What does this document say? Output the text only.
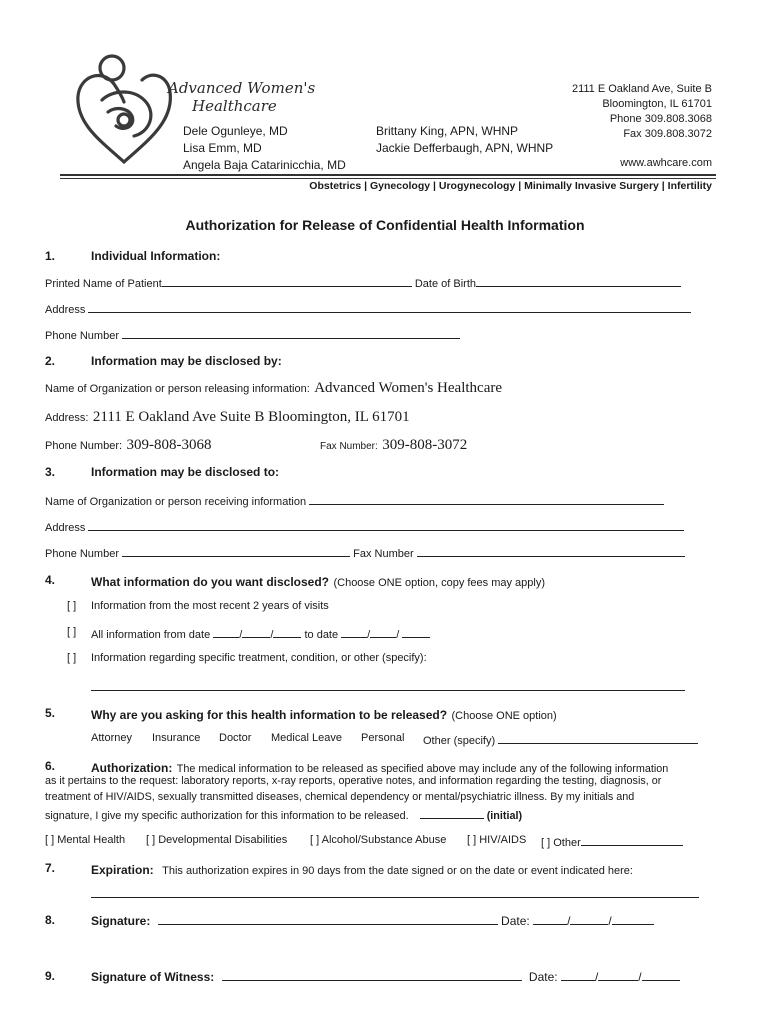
Advanced Women's
Healthcare
Dele Ogunleye, MD
Lisa Emm, MD
Angela Baja Catarinicchia, MD
Brittany King, APN, WHNP
Jackie Defferbaugh, APN, WHNP
2111 E Oakland Ave, Suite B
Bloomington, IL 61701
Phone 309.808.3068
Fax 309.808.3072
www.awhcare.com
Obstetrics | Gynecology | Urogynecology | Minimally Invasive Surgery | Infertility
Authorization for Release of Confidential Health Information
1.	Individual Information:
Printed Name of Patient	Date of Birth
Address
Phone Number
2.	Information may be disclosed by:
Name of Organization or person releasing information: Advanced Women's Healthcare
Address: 2111 E Oakland Ave Suite B Bloomington, IL 61701
Phone Number: 309-808-3068	Fax Number: 309-808-3072
3.	Information may be disclosed to:
Name of Organization or person receiving information
Address
Phone Number	Fax Number
4.	What information do you want disclosed? (Choose ONE option, copy fees may apply)
[ ] Information from the most recent 2 years of visits
[ ] All information from date	/	/	to date	/ /
[ ] Information regarding specific treatment, condition, or other (specify):
5.	Why are you asking for this health information to be released? (Choose ONE option)
Attorney Insurance Doctor Medical Leave Personal Other (specify)
6.	Authorization: The medical information to be released as specified above may include any of the following information
as it pertains to the request: laboratory reports, x-ray reports, operative notes, and information regarding the testing, diagnosis, or
treatment of HIV/AIDS, sexually transmitted diseases, chemical dependency or mental/psychiatric illness. By my initials and
signature, I give my specific authorization for this information to be released.	(initial)
[ ] Mental Health [ ] Developmental Disabilities [ ] Alcohol/Substance Abuse [ ] HIV/AIDS [ ] Other
7.	Expiration: This authorization expires in 90 days from the date signed or on the date or event indicated here:
8.	Signature:	Date:	/	/
9.	Signature of Witness:	Date:	/	/
